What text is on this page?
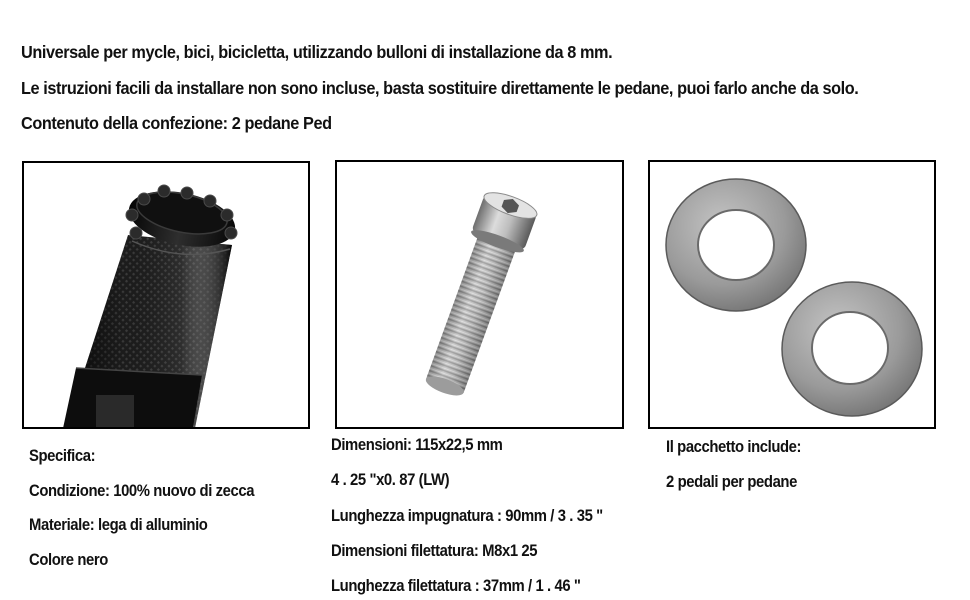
Universale per mycle, bici, bicicletta, utilizzando bulloni di installazione da 8 mm.
Le istruzioni facili da installare non sono incluse, basta sostituire direttamente le pedane, puoi farlo anche da solo.
Contenuto della confezione: 2 pedane Ped
Specifica:
Condizione: 100% nuovo di zecca
Materiale: lega di alluminio
Colore nero
Dimensioni: 115x22,5 mm
4 . 25 "x0. 87 (LW)
Lunghezza impugnatura : 90mm / 3 . 35 "
Dimensioni filettatura: M8x1 25
Lunghezza filettatura : 37mm / 1 . 46 "
Il pacchetto include:
2 pedali per pedane
